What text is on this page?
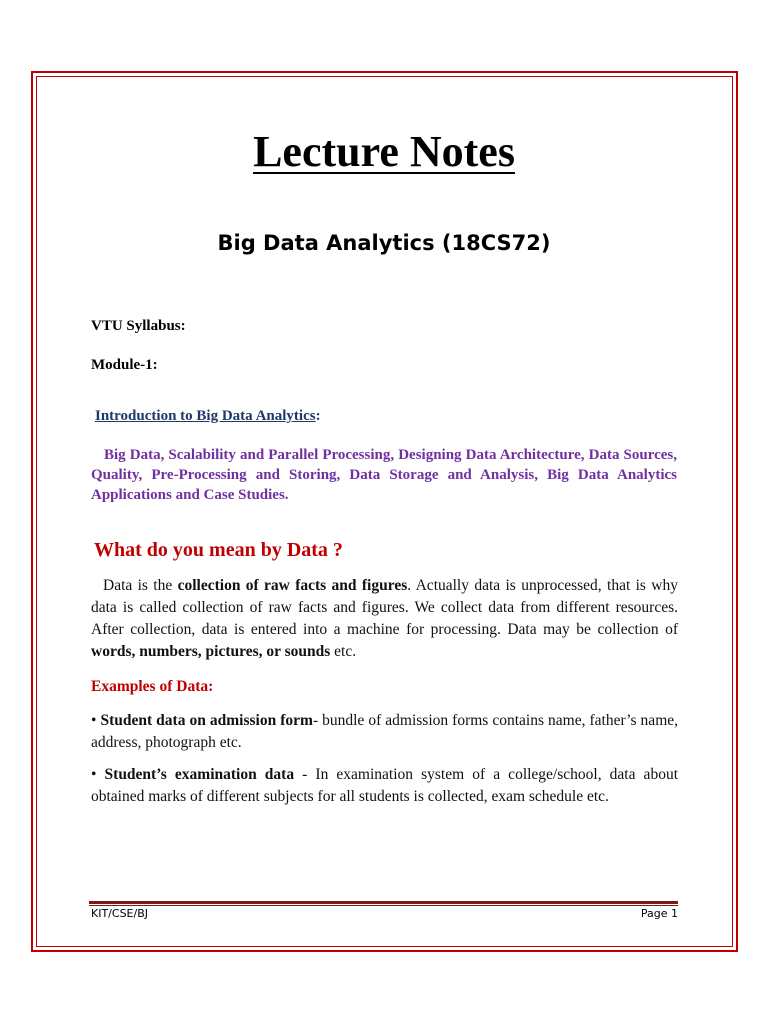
Lecture Notes
Big Data Analytics (18CS72)
VTU Syllabus:
Module-1:
Introduction to Big Data Analytics:
Big Data, Scalability and Parallel Processing, Designing Data Architecture, Data Sources, Quality, Pre-Processing and Storing, Data Storage and Analysis, Big Data Analytics Applications and Case Studies.
What do you mean by Data ?
Data is the collection of raw facts and figures. Actually data is unprocessed, that is why data is called collection of raw facts and figures. We collect data from different resources. After collection, data is entered into a machine for processing. Data may be collection of words, numbers, pictures, or sounds etc.
Examples of Data:
• Student data on admission form- bundle of admission forms contains name, father’s name, address, photograph etc.
• Student’s examination data - In examination system of a college/school, data about obtained marks of different subjects for all students is collected, exam schedule etc.
KIT/CSE/BJ	Page 1
